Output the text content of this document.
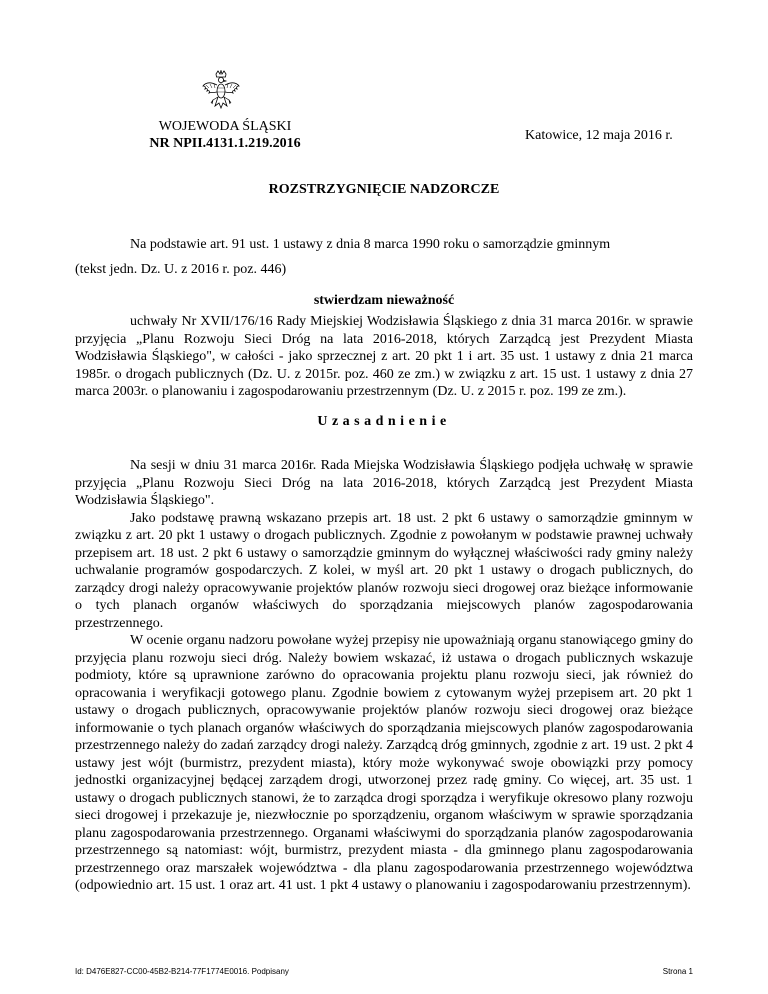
WOJEWODA ŚLĄSKI
NR NPII.4131.1.219.2016
Katowice, 12 maja 2016 r.
ROZSTRZYGNIĘCIE NADZORCZE
Na podstawie art. 91 ust. 1 ustawy z dnia 8 marca 1990 roku o samorządzie gminnym
(tekst jedn. Dz. U. z 2016 r. poz. 446)
stwierdzam nieważność
uchwały Nr XVII/176/16 Rady Miejskiej Wodzisławia Śląskiego z dnia 31 marca 2016r. w sprawie przyjęcia „Planu Rozwoju Sieci Dróg na lata 2016-2018, których Zarządcą jest Prezydent Miasta Wodzisławia Śląskiego", w całości - jako sprzecznej z art. 20 pkt 1 i art. 35 ust. 1 ustawy z dnia 21 marca 1985r. o drogach publicznych (Dz. U. z 2015r. poz. 460 ze zm.) w związku z art. 15 ust. 1 ustawy z dnia 27 marca 2003r. o planowaniu i zagospodarowaniu przestrzennym (Dz. U. z 2015 r. poz. 199 ze zm.).
Uzasadnienie

Na sesji w dniu 31 marca 2016r. Rada Miejska Wodzisławia Śląskiego podjęła uchwałę w sprawie przyjęcia „Planu Rozwoju Sieci Dróg na lata 2016-2018, których Zarządcą jest Prezydent Miasta Wodzisławia Śląskiego".

Jako podstawę prawną wskazano przepis art. 18 ust. 2 pkt 6 ustawy o samorządzie gminnym w związku z art. 20 pkt 1 ustawy o drogach publicznych. Zgodnie z powołanym w podstawie prawnej uchwały przepisem art. 18 ust. 2 pkt 6 ustawy o samorządzie gminnym do wyłącznej właściwości rady gminy należy uchwalanie programów gospodarczych. Z kolei, w myśl art. 20 pkt 1 ustawy o drogach publicznych, do zarządcy drogi należy opracowywanie projektów planów rozwoju sieci drogowej oraz bieżące informowanie o tych planach organów właściwych do sporządzania miejscowych planów zagospodarowania przestrzennego.

W ocenie organu nadzoru powołane wyżej przepisy nie upoważniają organu stanowiącego gminy do przyjęcia planu rozwoju sieci dróg. Należy bowiem wskazać, iż ustawa o drogach publicznych wskazuje podmioty, które są uprawnione zarówno do opracowania projektu planu rozwoju sieci, jak również do opracowania i weryfikacji gotowego planu. Zgodnie bowiem z cytowanym wyżej przepisem art. 20 pkt 1 ustawy o drogach publicznych, opracowywanie projektów planów rozwoju sieci drogowej oraz bieżące informowanie o tych planach organów właściwych do sporządzania miejscowych planów zagospodarowania przestrzennego należy do zadań zarządcy drogi należy. Zarządcą dróg gminnych, zgodnie z art. 19 ust. 2 pkt 4 ustawy jest wójt (burmistrz, prezydent miasta), który może wykonywać swoje obowiązki przy pomocy jednostki organizacyjnej będącej zarządem drogi, utworzonej przez radę gminy. Co więcej, art. 35 ust. 1 ustawy o drogach publicznych stanowi, że to zarządca drogi sporządza i weryfikuje okresowo plany rozwoju sieci drogowej i przekazuje je, niezwłocznie po sporządzeniu, organom właściwym w sprawie sporządzania planu zagospodarowania przestrzennego. Organami właściwymi do sporządzania planów zagospodarowania przestrzennego są natomiast: wójt, burmistrz, prezydent miasta - dla gminnego planu zagospodarowania przestrzennego oraz marszałek województwa - dla planu zagospodarowania przestrzennego województwa (odpowiednio art. 15 ust. 1 oraz art. 41 ust. 1 pkt 4 ustawy o planowaniu i zagospodarowaniu przestrzennym).

Id: D476E827-CC00-45B2-B214-77F1774E0016. Podpisany	Strona 1
